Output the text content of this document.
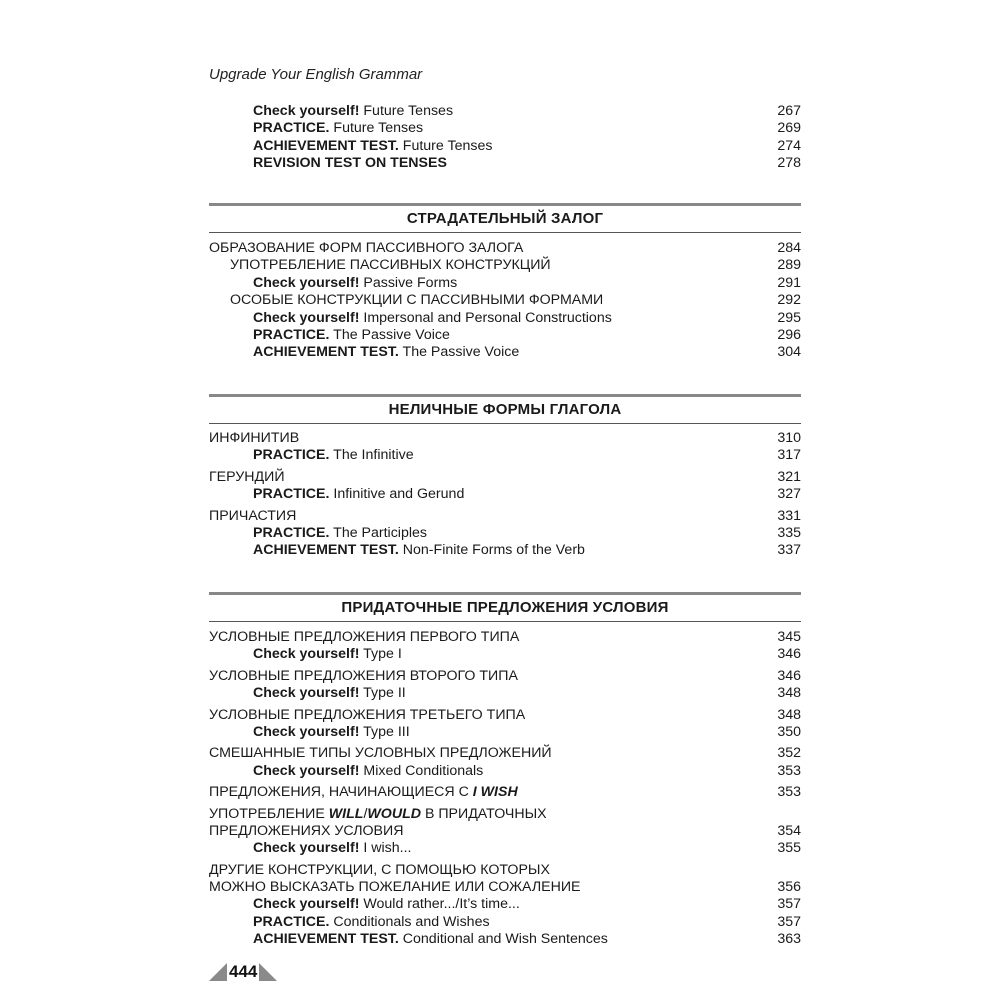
Upgrade Your English Grammar
Check yourself! Future Tenses	267
PRACTICE. Future Tenses	269
ACHIEVEMENT TEST. Future Tenses	274
REVISION TEST ON TENSES	278
СТРАДАТЕЛЬНЫЙ ЗАЛОГ
ОБРАЗОВАНИЕ ФОРМ ПАССИВНОГО ЗАЛОГА	284
УПОТРЕБЛЕНИЕ ПАССИВНЫХ КОНСТРУКЦИЙ	289
Check yourself! Passive Forms	291
ОСОБЫЕ КОНСТРУКЦИИ С ПАССИВНЫМИ ФОРМАМИ	292
Check yourself! Impersonal and Personal Constructions	295
PRACTICE. The Passive Voice	296
ACHIEVEMENT TEST. The Passive Voice	304
НЕЛИЧНЫЕ ФОРМЫ ГЛАГОЛА
ИНФИНИТИВ	310
PRACTICE. The Infinitive	317
ГЕРУНДИЙ	321
PRACTICE. Infinitive and Gerund	327
ПРИЧАСТИЯ	331
PRACTICE. The Participles	335
ACHIEVEMENT TEST. Non-Finite Forms of the Verb	337
ПРИДАТОЧНЫЕ ПРЕДЛОЖЕНИЯ УСЛОВИЯ
УСЛОВНЫЕ ПРЕДЛОЖЕНИЯ ПЕРВОГО ТИПА	345
Check yourself! Type I	346
УСЛОВНЫЕ ПРЕДЛОЖЕНИЯ ВТОРОГО ТИПА	346
Check yourself! Type II	348
УСЛОВНЫЕ ПРЕДЛОЖЕНИЯ ТРЕТЬЕГО ТИПА	348
Check yourself! Type III	350
СМЕШАННЫЕ ТИПЫ УСЛОВНЫХ ПРЕДЛОЖЕНИЙ	352
Check yourself! Mixed Conditionals	353
ПРЕДЛОЖЕНИЯ, НАЧИНАЮЩИЕСЯ С I WISH	353
УПОТРЕБЛЕНИЕ WILL/WOULD В ПРИДАТОЧНЫХ
ПРЕДЛОЖЕНИЯХ УСЛОВИЯ	354
Check yourself! I wish...	355
ДРУГИЕ КОНСТРУКЦИИ, С ПОМОЩЬЮ КОТОРЫХ
МОЖНО ВЫСКАЗАТЬ ПОЖЕЛАНИЕ ИЛИ СОЖАЛЕНИЕ	356
Check yourself! Would rather.../It’s time...	357
PRACTICE. Conditionals and Wishes	357
ACHIEVEMENT TEST. Conditional and Wish Sentences	363
444
